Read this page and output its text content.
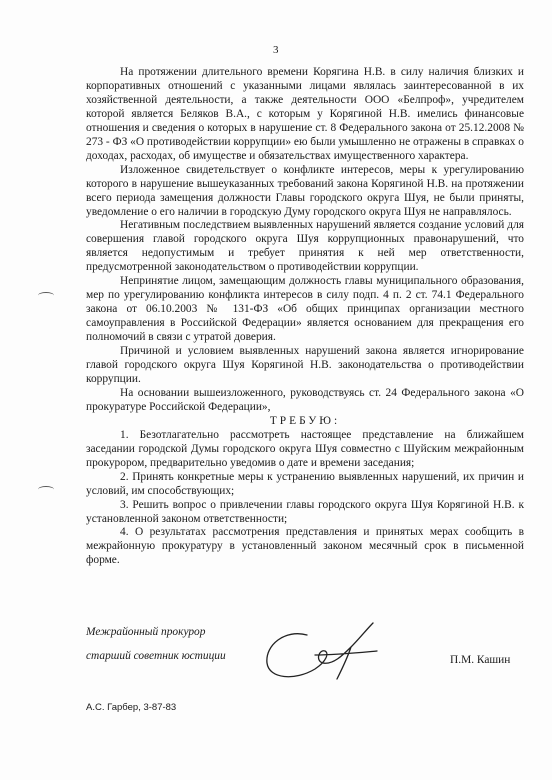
3

На протяжении длительного времени Корягина Н.В. в силу наличия близких и корпоративных отношений с указанными лицами являлась заинтересованной в их хозяйственной деятельности, а также деятельности ООО «Белпроф», учредителем которой является Беляков В.А., с которым у Корягиной Н.В. имелись финансовые отношения и сведения о которых в нарушение ст. 8 Федерального закона от 25.12.2008 № 273 - ФЗ «О противодействии коррупции» ею были умышленно не отражены в справках о доходах, расходах, об имуществе и обязательствах имущественного характера.

Изложенное свидетельствует о конфликте интересов, меры к урегулированию которого в нарушение вышеуказанных требований закона Корягиной Н.В. на протяжении всего периода замещения должности Главы городского округа Шуя, не были приняты, уведомление о его наличии в городскую Думу городского округа Шуя не направлялось.

Негативным последствием выявленных нарушений является создание условий для совершения главой городского округа Шуя коррупционных правонарушений, что является недопустимым и требует принятия к ней мер ответственности, предусмотренной законодательством о противодействии коррупции.

Непринятие лицом, замещающим должность главы муниципального образования, мер по урегулированию конфликта интересов в силу подп. 4 п. 2 ст. 74.1 Федерального закона от 06.10.2003 № 131-ФЗ «Об общих принципах организации местного самоуправления в Российской Федерации» является основанием для прекращения его полномочий в связи с утратой доверия.

Причиной и условием выявленных нарушений закона является игнорирование главой городского округа Шуя Корягиной Н.В. законодательства о противодействии коррупции.

На основании вышеизложенного, руководствуясь ст. 24 Федерального закона «О прокуратуре Российской Федерации»,

ТРЕБУЮ:

1. Безотлагательно рассмотреть настоящее представление на ближайшем заседании городской Думы городского округа Шуя совместно с Шуйским межрайонным прокурором, предварительно уведомив о дате и времени заседания;

2. Принять конкретные меры к устранению выявленных нарушений, их причин и условий, им способствующих;

3. Решить вопрос о привлечении главы городского округа Шуя Корягиной Н.В. к установленной законом ответственности;

4. О результатах рассмотрения представления и принятых мерах сообщить в межрайонную прокуратуру в установленный законом месячный срок в письменной форме.

Межрайонный прокурор
старший советник юстиции	П.М. Кашин
А.С. Гарбер, 3-87-83
